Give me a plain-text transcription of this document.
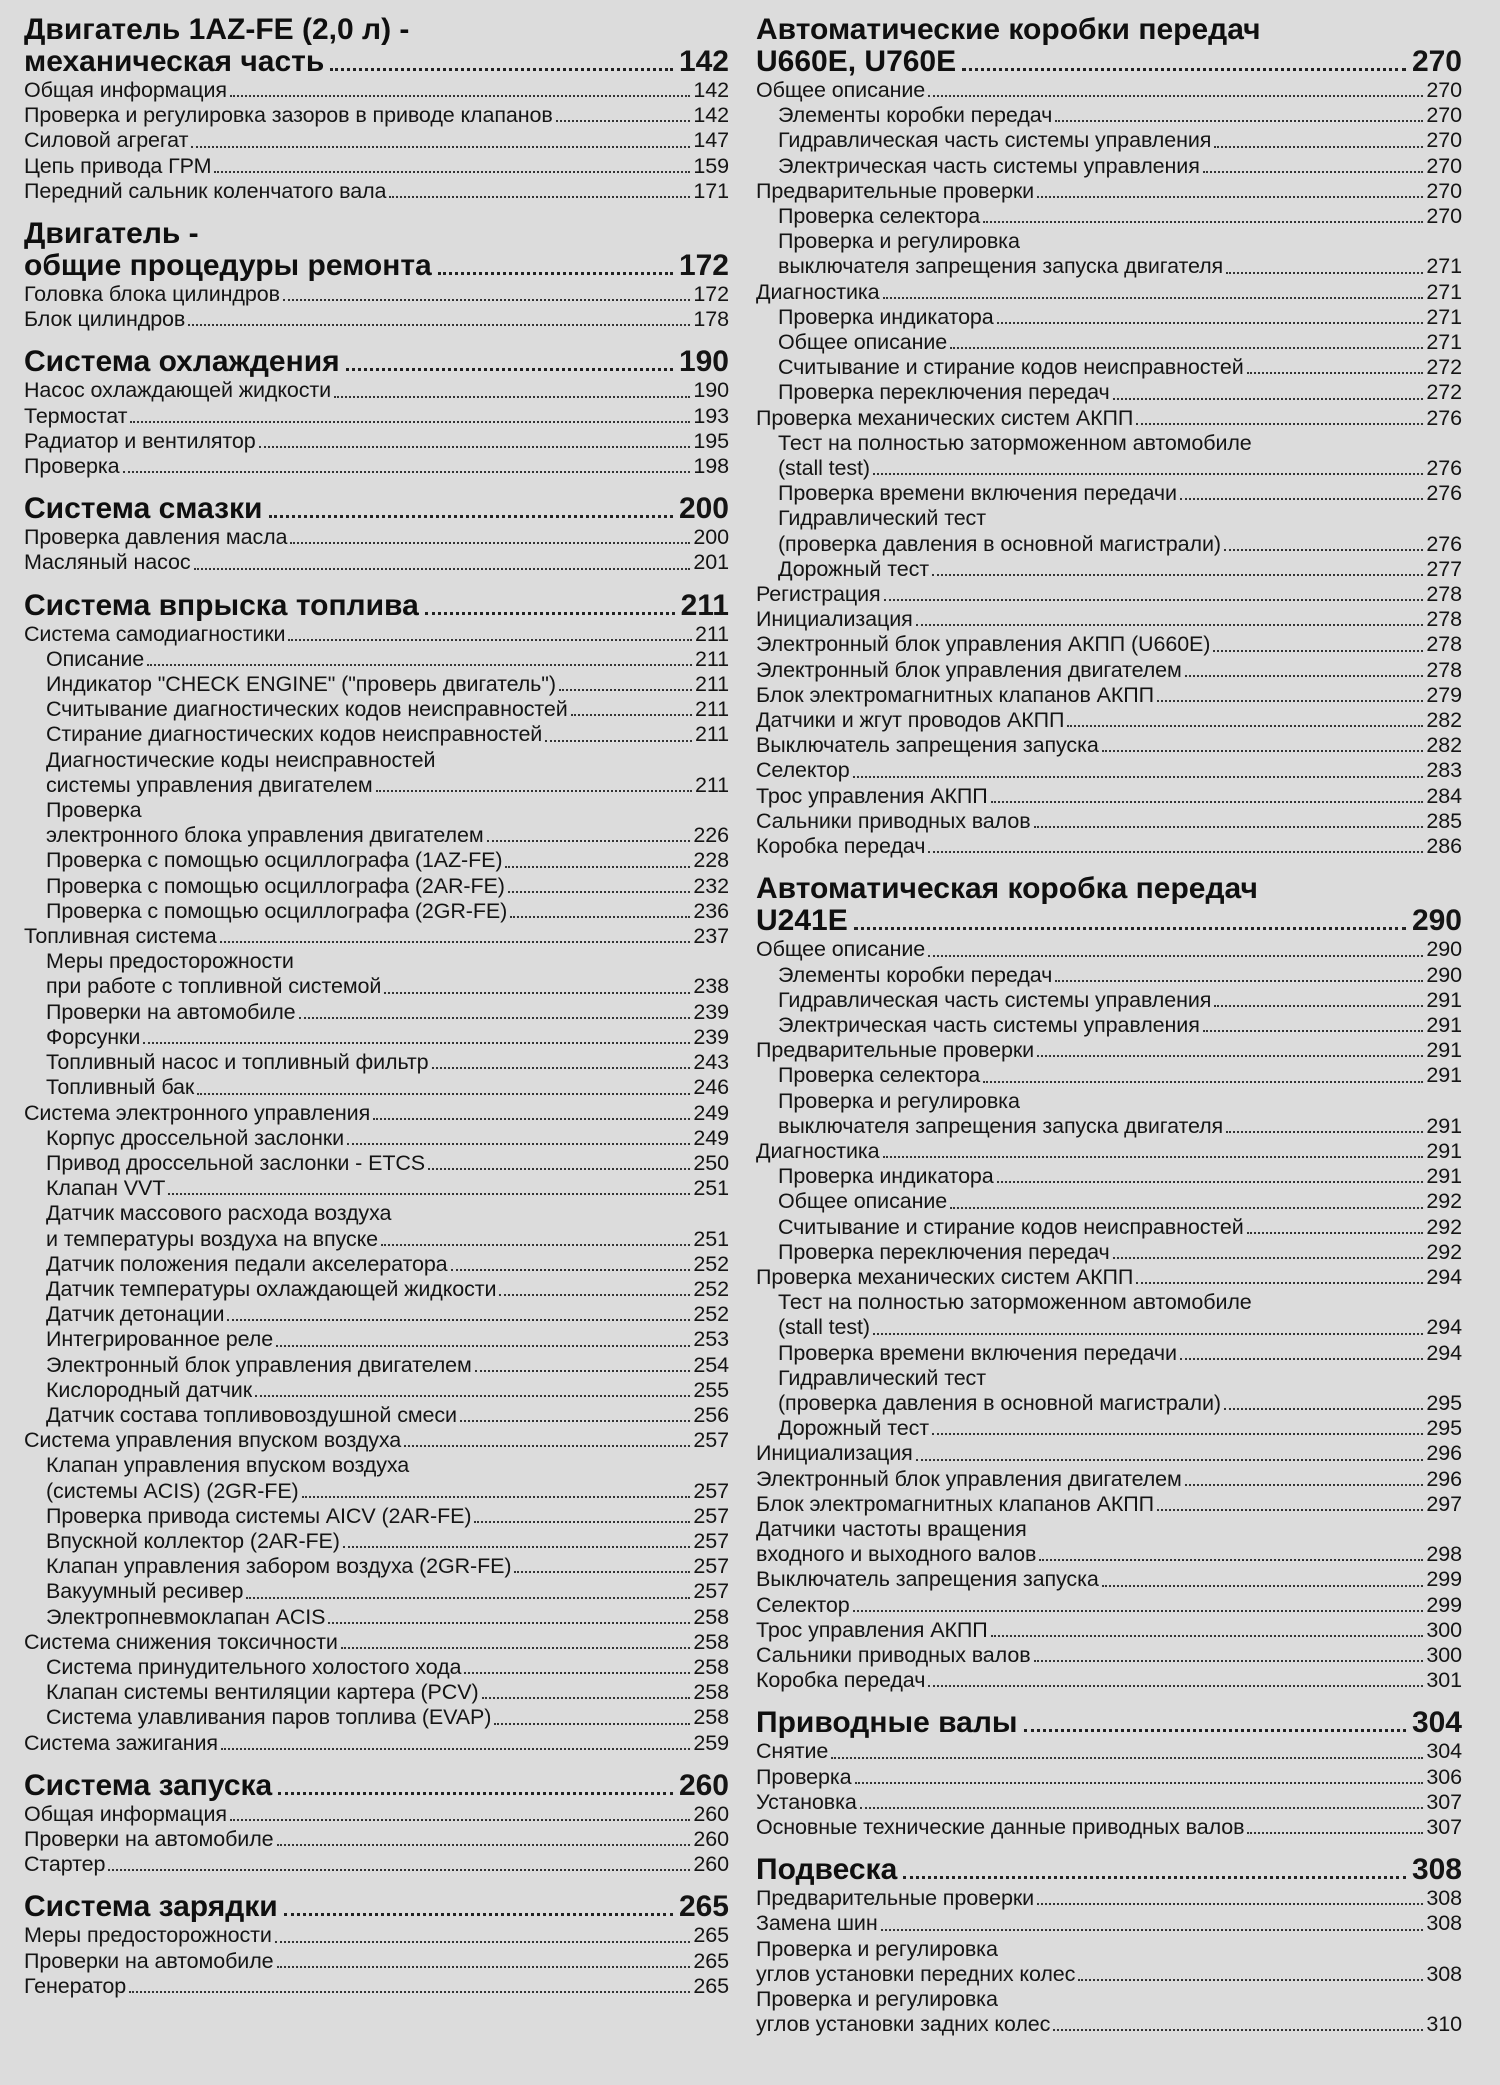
Двигатель 1AZ-FE (2,0 л) -
механическая часть	142
Общая информация	142
Проверка и регулировка зазоров в приводе клапанов	142
Силовой агрегат	147
Цепь привода ГРМ	159
Передний сальник коленчатого вала	171
Двигатель -
общие процедуры ремонта	172
Головка блока цилиндров	172
Блок цилиндров	178
Система охлаждения	190
Насос охлаждающей жидкости	190
Термостат	193
Радиатор и вентилятор	195
Проверка	198
Система смазки	200
Проверка давления масла	200
Масляный насос	201
Система впрыска топлива	211
Система самодиагностики	211
Описание	211
Индикатор "CHECK ENGINE" ("проверь двигатель")	211
Считывание диагностических кодов неисправностей	211
Стирание диагностических кодов неисправностей	211
Диагностические коды неисправностей
системы управления двигателем	211
Проверка
электронного блока управления двигателем	226
Проверка с помощью осциллографа (1AZ-FE)	228
Проверка с помощью осциллографа (2AR-FE)	232
Проверка с помощью осциллографа (2GR-FE)	236
Топливная система	237
Меры предосторожности
при работе с топливной системой	238
Проверки на автомобиле	239
Форсунки	239
Топливный насос и топливный фильтр	243
Топливный бак	246
Система электронного управления	249
Корпус дроссельной заслонки	249
Привод дроссельной заслонки - ETCS	250
Клапан VVT	251
Датчик массового расхода воздуха
и температуры воздуха на впуске	251
Датчик положения педали акселератора	252
Датчик температуры охлаждающей жидкости	252
Датчик детонации	252
Интегрированное реле	253
Электронный блок управления двигателем	254
Кислородный датчик	255
Датчик состава топливовоздушной смеси	256
Система управления впуском воздуха	257
Клапан управления впуском воздуха
(системы ACIS) (2GR-FE)	257
Проверка привода системы AICV (2AR-FE)	257
Впускной коллектор (2AR-FE)	257
Клапан управления забором воздуха (2GR-FE)	257
Вакуумный ресивер	257
Электропневмоклапан ACIS	258
Система снижения токсичности	258
Система принудительного холостого хода	258
Клапан системы вентиляции картера (PCV)	258
Система улавливания паров топлива (EVAP)	258
Система зажигания	259
Система запуска	260
Общая информация	260
Проверки на автомобиле	260
Стартер	260
Система зарядки	265
Меры предосторожности	265
Проверки на автомобиле	265
Генератор	265
Автоматические коробки передач
U660E, U760E	270
Общее описание	270
Элементы коробки передач	270
Гидравлическая часть системы управления	270
Электрическая часть системы управления	270
Предварительные проверки	270
Проверка селектора	270
Проверка и регулировка
выключателя запрещения запуска двигателя	271
Диагностика	271
Проверка индикатора	271
Общее описание	271
Считывание и стирание кодов неисправностей	272
Проверка переключения передач	272
Проверка механических систем АКПП	276
Тест на полностью заторможенном автомобиле
(stall test)	276
Проверка времени включения передачи	276
Гидравлический тест
(проверка давления в основной магистрали)	276
Дорожный тест	277
Регистрация	278
Инициализация	278
Электронный блок управления АКПП (U660E)	278
Электронный блок управления двигателем	278
Блок электромагнитных клапанов АКПП	279
Датчики и жгут проводов АКПП	282
Выключатель запрещения запуска	282
Селектор	283
Трос управления АКПП	284
Сальники приводных валов	285
Коробка передач	286
Автоматическая коробка передач
U241E	290
Общее описание	290
Элементы коробки передач	290
Гидравлическая часть системы управления	291
Электрическая часть системы управления	291
Предварительные проверки	291
Проверка селектора	291
Проверка и регулировка
выключателя запрещения запуска двигателя	291
Диагностика	291
Проверка индикатора	291
Общее описание	292
Считывание и стирание кодов неисправностей	292
Проверка переключения передач	292
Проверка механических систем АКПП	294
Тест на полностью заторможенном автомобиле
(stall test)	294
Проверка времени включения передачи	294
Гидравлический тест
(проверка давления в основной магистрали)	295
Дорожный тест	295
Инициализация	296
Электронный блок управления двигателем	296
Блок электромагнитных клапанов АКПП	297
Датчики частоты вращения
входного и выходного валов	298
Выключатель запрещения запуска	299
Селектор	299
Трос управления АКПП	300
Сальники приводных валов	300
Коробка передач	301
Приводные валы	304
Снятие	304
Проверка	306
Установка	307
Основные технические данные приводных валов	307
Подвеска	308
Предварительные проверки	308
Замена шин	308
Проверка и регулировка
углов установки передних колес	308
Проверка и регулировка
углов установки задних колес	310
